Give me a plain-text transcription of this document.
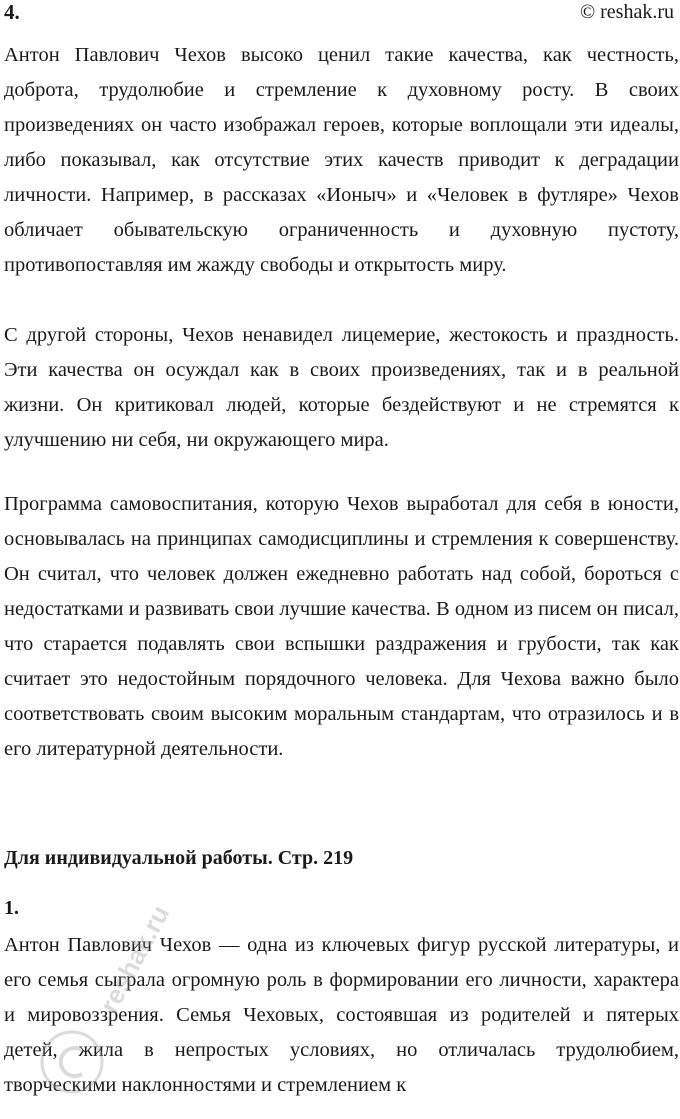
4.	© reshak.ru

Антон Павлович Чехов высоко ценил такие качества, как честность, доброта, трудолюбие и стремление к духовному росту. В своих произведениях он часто изображал героев, которые воплощали эти идеалы, либо показывал, как отсутствие этих качеств приводит к деградации личности. Например, в рассказах «Ионыч» и «Человек в футляре» Чехов обличает обывательскую ограниченность и духовную пустоту, противопоставляя им жажду свободы и открытость миру.

С другой стороны, Чехов ненавидел лицемерие, жестокость и праздность. Эти качества он осуждал как в своих произведениях, так и в реальной жизни. Он критиковал людей, которые бездействуют и не стремятся к улучшению ни себя, ни окружающего мира.

Программа самовоспитания, которую Чехов выработал для себя в юности, основывалась на принципах самодисциплины и стремления к совершенству. Он считал, что человек должен ежедневно работать над собой, бороться с недостатками и развивать свои лучшие качества. В одном из писем он писал, что старается подавлять свои вспышки раздражения и грубости, так как считает это недостойным порядочного человека. Для Чехова важно было соответствовать своим высоким моральным стандартам, что отразилось и в его литературной деятельности.

Для индивидуальной работы. Стр. 219
1.

Антон Павлович Чехов — одна из ключевых фигур русской литературы, и его семья сыграла огромную роль в формировании его личности, характера и мировоззрения. Семья Чеховых, состоявшая из родителей и пятерых детей, жила в непростых условиях, но отличалась трудолюбием, творческими наклонностями и стремлением к

reshak.ru
